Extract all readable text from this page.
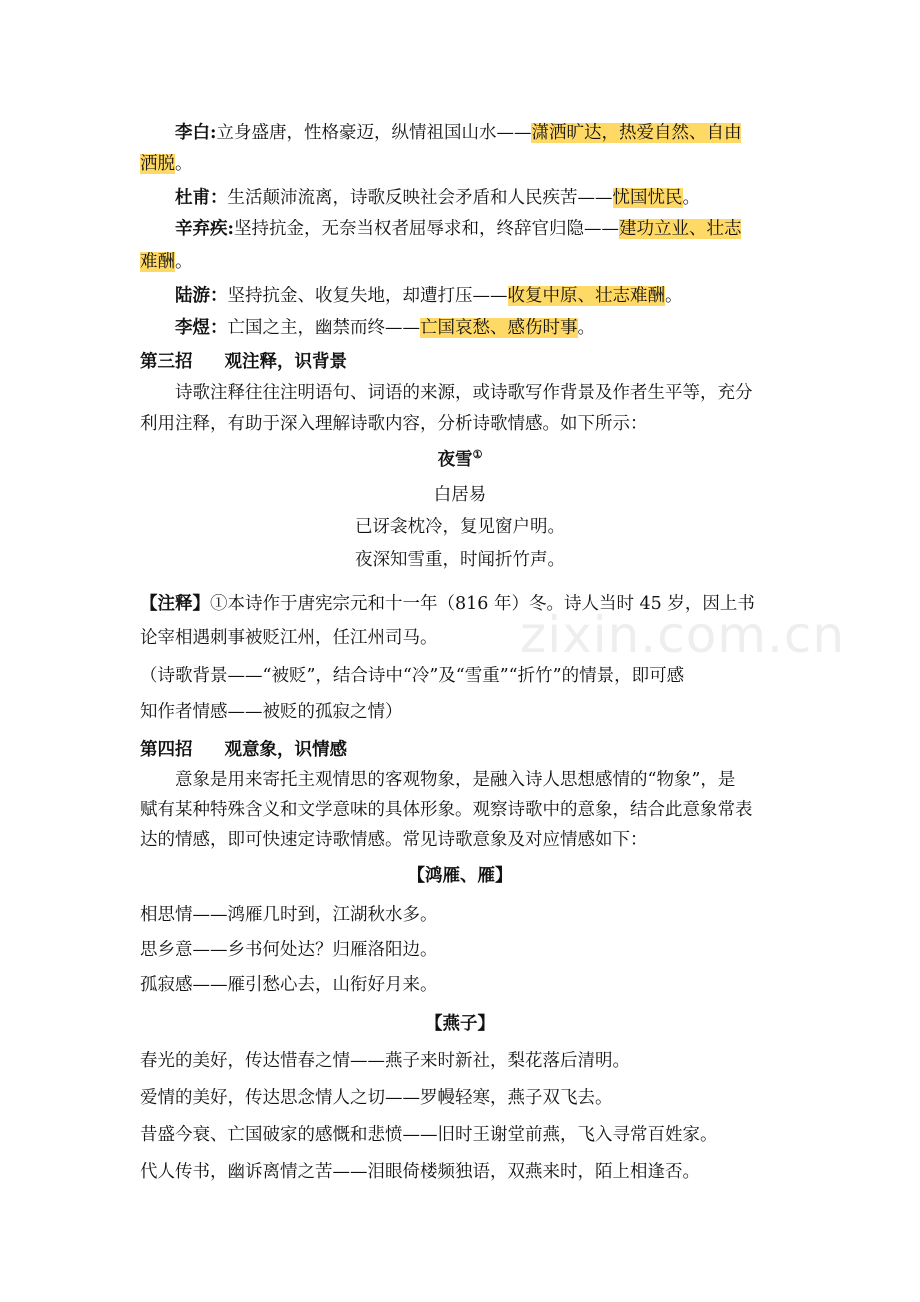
李白:立身盛唐，性格豪迈，纵情祖国山水——潇洒旷达，热爱自然、自由
洒脱。
杜甫：生活颠沛流离，诗歌反映社会矛盾和人民疾苦——忧国忧民。
辛弃疾:坚持抗金，无奈当权者屈辱求和，终辞官归隐——建功立业、壮志
难酬。
陆游：坚持抗金、收复失地，却遭打压——收复中原、壮志难酬。
李煜：亡国之主，幽禁而终——亡国哀愁、感伤时事。
第三招 观注释，识背景
诗歌注释往往注明语句、词语的来源，或诗歌写作背景及作者生平等，充分
利用注释，有助于深入理解诗歌内容，分析诗歌情感。如下所示：
夜雪①
白居易
已讶衾枕冷，复见窗户明。
夜深知雪重，时闻折竹声。
【注释】①本诗作于唐宪宗元和十一年（816 年）冬。诗人当时 45 岁，因上书
论宰相遇刺事被贬江州，任江州司马。
（诗歌背景——“被贬”，结合诗中“冷”及“雪重”“折竹”的情景，即可感
知作者情感——被贬的孤寂之情）
第四招 观意象，识情感
意象是用来寄托主观情思的客观物象，是融入诗人思想感情的“物象”，是
赋有某种特殊含义和文学意味的具体形象。观察诗歌中的意象，结合此意象常表
达的情感，即可快速定诗歌情感。常见诗歌意象及对应情感如下：
【鸿雁、雁】
相思情——鸿雁几时到，江湖秋水多。
思乡意——乡书何处达？归雁洛阳边。
孤寂感——雁引愁心去，山衔好月来。
【燕子】
春光的美好，传达惜春之情——燕子来时新社，梨花落后清明。
爱情的美好，传达思念情人之切——罗幔轻寒，燕子双飞去。
昔盛今衰、亡国破家的感慨和悲愤——旧时王谢堂前燕，飞入寻常百姓家。
代人传书，幽诉离情之苦——泪眼倚楼频独语，双燕来时，陌上相逢否。
zixin.com.cn
